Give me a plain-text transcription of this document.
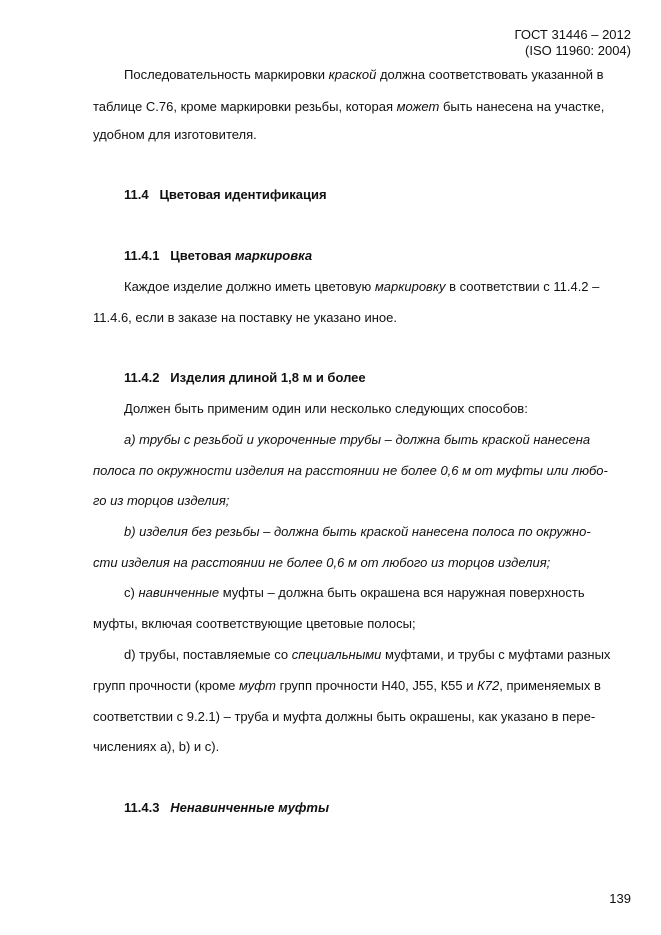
ГОСТ 31446 – 2012
(ISO 11960: 2004)
Последовательность маркировки краской должна соответствовать указанной в
таблице С.76, кроме маркировки резьбы, которая может быть нанесена на участке,
удобном для изготовителя.
11.4 Цветовая идентификация
11.4.1 Цветовая маркировка
Каждое изделие должно иметь цветовую маркировку в соответствии с 11.4.2 –
11.4.6, если в заказе на поставку не указано иное.
11.4.2 Изделия длиной 1,8 м и более
Должен быть применим один или несколько следующих способов:
a) трубы с резьбой и укороченные трубы – должна быть краской нанесена
полоса по окружности изделия на расстоянии не более 0,6 м от муфты или любо-
го из торцов изделия;
b) изделия без резьбы – должна быть краской нанесена полоса по окружно-
сти изделия на расстоянии не более 0,6 м от любого из торцов изделия;
c) навинченные муфты – должна быть окрашена вся наружная поверхность
муфты, включая соответствующие цветовые полосы;
d) трубы, поставляемые со специальными муфтами, и трубы с муфтами разных
групп прочности (кроме муфт групп прочности Н40, J55, К55 и К72, применяемых в
соответствии с 9.2.1) – труба и муфта должны быть окрашены, как указано в пере-
числениях а), b) и с).
11.4.3 Ненавинченные муфты
139
